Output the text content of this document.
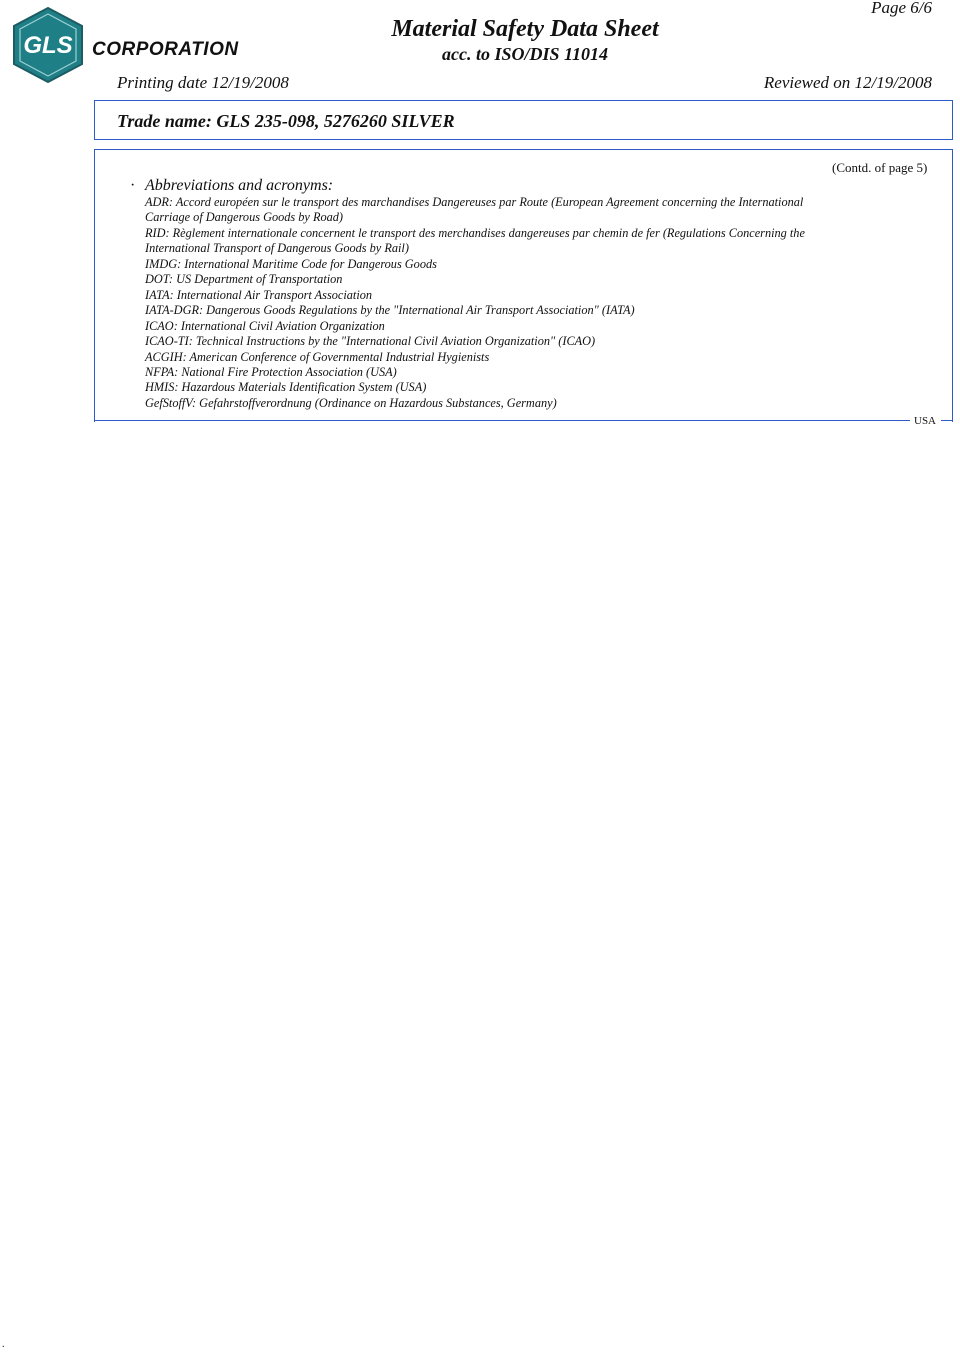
GLS CORPORATION
Material Safety Data Sheet
acc. to ISO/DIS 11014
Page 6/6
Printing date 12/19/2008	Reviewed on 12/19/2008
Trade name: GLS 235-098, 5276260 SILVER
USA
(Contd. of page 5)
· Abbreviations and acronyms:
ADR: Accord européen sur le transport des marchandises Dangereuses par Route (European Agreement concerning the International
Carriage of Dangerous Goods by Road)
RID: Règlement internationale concernent le transport des merchandises dangereuses par chemin de fer (Regulations Concerning the
International Transport of Dangerous Goods by Rail)
IMDG: International Maritime Code for Dangerous Goods
DOT: US Department of Transportation
IATA: International Air Transport Association
IATA-DGR: Dangerous Goods Regulations by the "International Air Transport Association" (IATA)
ICAO: International Civil Aviation Organization
ICAO-TI: Technical Instructions by the "International Civil Aviation Organization" (ICAO)
ACGIH: American Conference of Governmental Industrial Hygienists
NFPA: National Fire Protection Association (USA)
HMIS: Hazardous Materials Identification System (USA)
GefStoffV: Gefahrstoffverordnung (Ordinance on Hazardous Substances, Germany)
.
